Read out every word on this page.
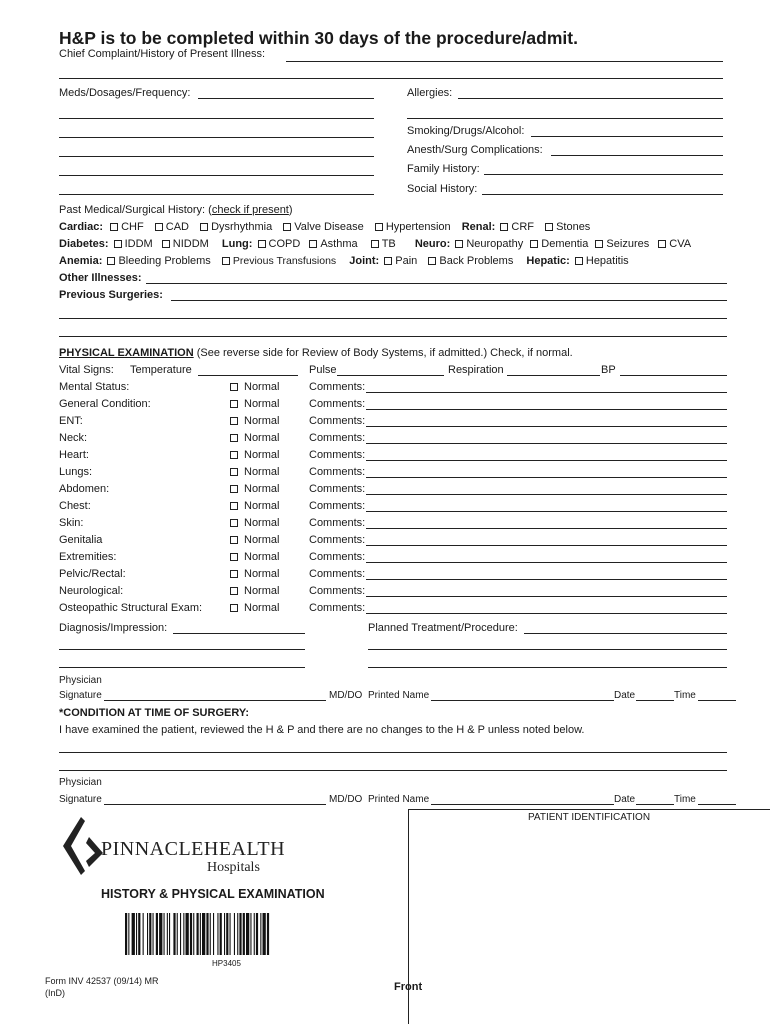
H&P is to be completed within 30 days of the procedure/admit.
Chief Complaint/History of Present Illness:
Meds/Dosages/Frequency:	Allergies:
Smoking/Drugs/Alcohol:
Anesth/Surg Complications:
Family History:
Social History:
Past Medical/Surgical History: (check if present)
Cardiac: CHF CAD Dysrhythmia Valve Disease Hypertension Renal: CRF Stones
Diabetes: IDDM NIDDM Lung: COPD Asthma TB Neuro: Neuropathy Dementia Seizures CVA
Anemia: Bleeding Problems Previous Transfusions Joint: Pain Back Problems Hepatic: Hepatitis
Other Illnesses:
Previous Surgeries:
PHYSICAL EXAMINATION (See reverse side for Review of Body Systems, if admitted.) Check, if normal.
Vital Signs: Temperature	Pulse	Respiration	BP
Mental Status:	Normal	Comments:
General Condition:	Normal	Comments:
ENT:	Normal	Comments:
Neck:	Normal	Comments:
Heart:	Normal	Comments:
Lungs:	Normal	Comments:
Abdomen:	Normal	Comments:
Chest:	Normal	Comments:
Skin:	Normal	Comments:
Genitalia	Normal	Comments:
Extremities:	Normal	Comments:
Pelvic/Rectal:	Normal	Comments:
Neurological:	Normal	Comments:
Osteopathic Structural Exam:	Normal	Comments:
Diagnosis/Impression:	Planned Treatment/Procedure:
Physician
Signature	MD/DO Printed Name	Date	Time
*CONDITION AT TIME OF SURGERY:
I have examined the patient, reviewed the H & P and there are no changes to the H & P unless noted below.
Physician
Signature	MD/DO Printed Name	Date	Time
PATIENT IDENTIFICATION
PINNACLEHEALTH
Hospitals
HISTORY & PHYSICAL EXAMINATION
HP3405
Form INV 42537 (09/14) MR
(InD)	Front
